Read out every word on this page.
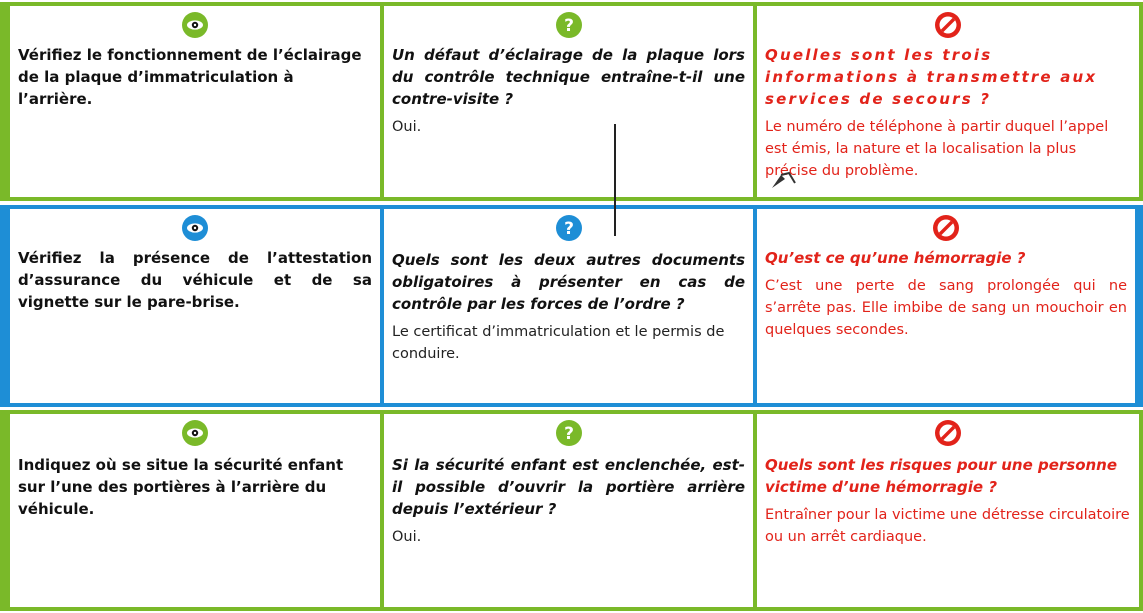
Vérifiez le fonctionnement de l’éclairage de la plaque d’immatriculation à l’arrière.

?

Un défaut d’éclairage de la plaque lors du contrôle technique entraîne-t-il une contre-visite ?

Oui.

Quelles sont les trois informations à transmettre aux services de secours ?

Le numéro de téléphone à partir duquel l’appel est émis, la nature et la localisation la plus précise du problème.

Vérifiez la présence de l’attestation d’assurance du véhicule et de sa vignette sur le pare-brise.

?

Quels sont les deux autres documents obligatoires à présenter en cas de contrôle par les forces de l’ordre ?

Le certificat d’immatriculation et le permis de conduire.

Qu’est ce qu’une hémorragie ?

C’est une perte de sang prolongée qui ne s’arrête pas. Elle imbibe de sang un mouchoir en quelques secondes.

Indiquez où se situe la sécurité enfant sur l’une des portières à l’arrière du véhicule.

?

Si la sécurité enfant est enclenchée, est-il possible d’ouvrir la portière arrière depuis l’extérieur ?

Oui.

Quels sont les risques pour une personne victime d’une hémorragie ?

Entraîner pour la victime une détresse circulatoire ou un arrêt cardiaque.
